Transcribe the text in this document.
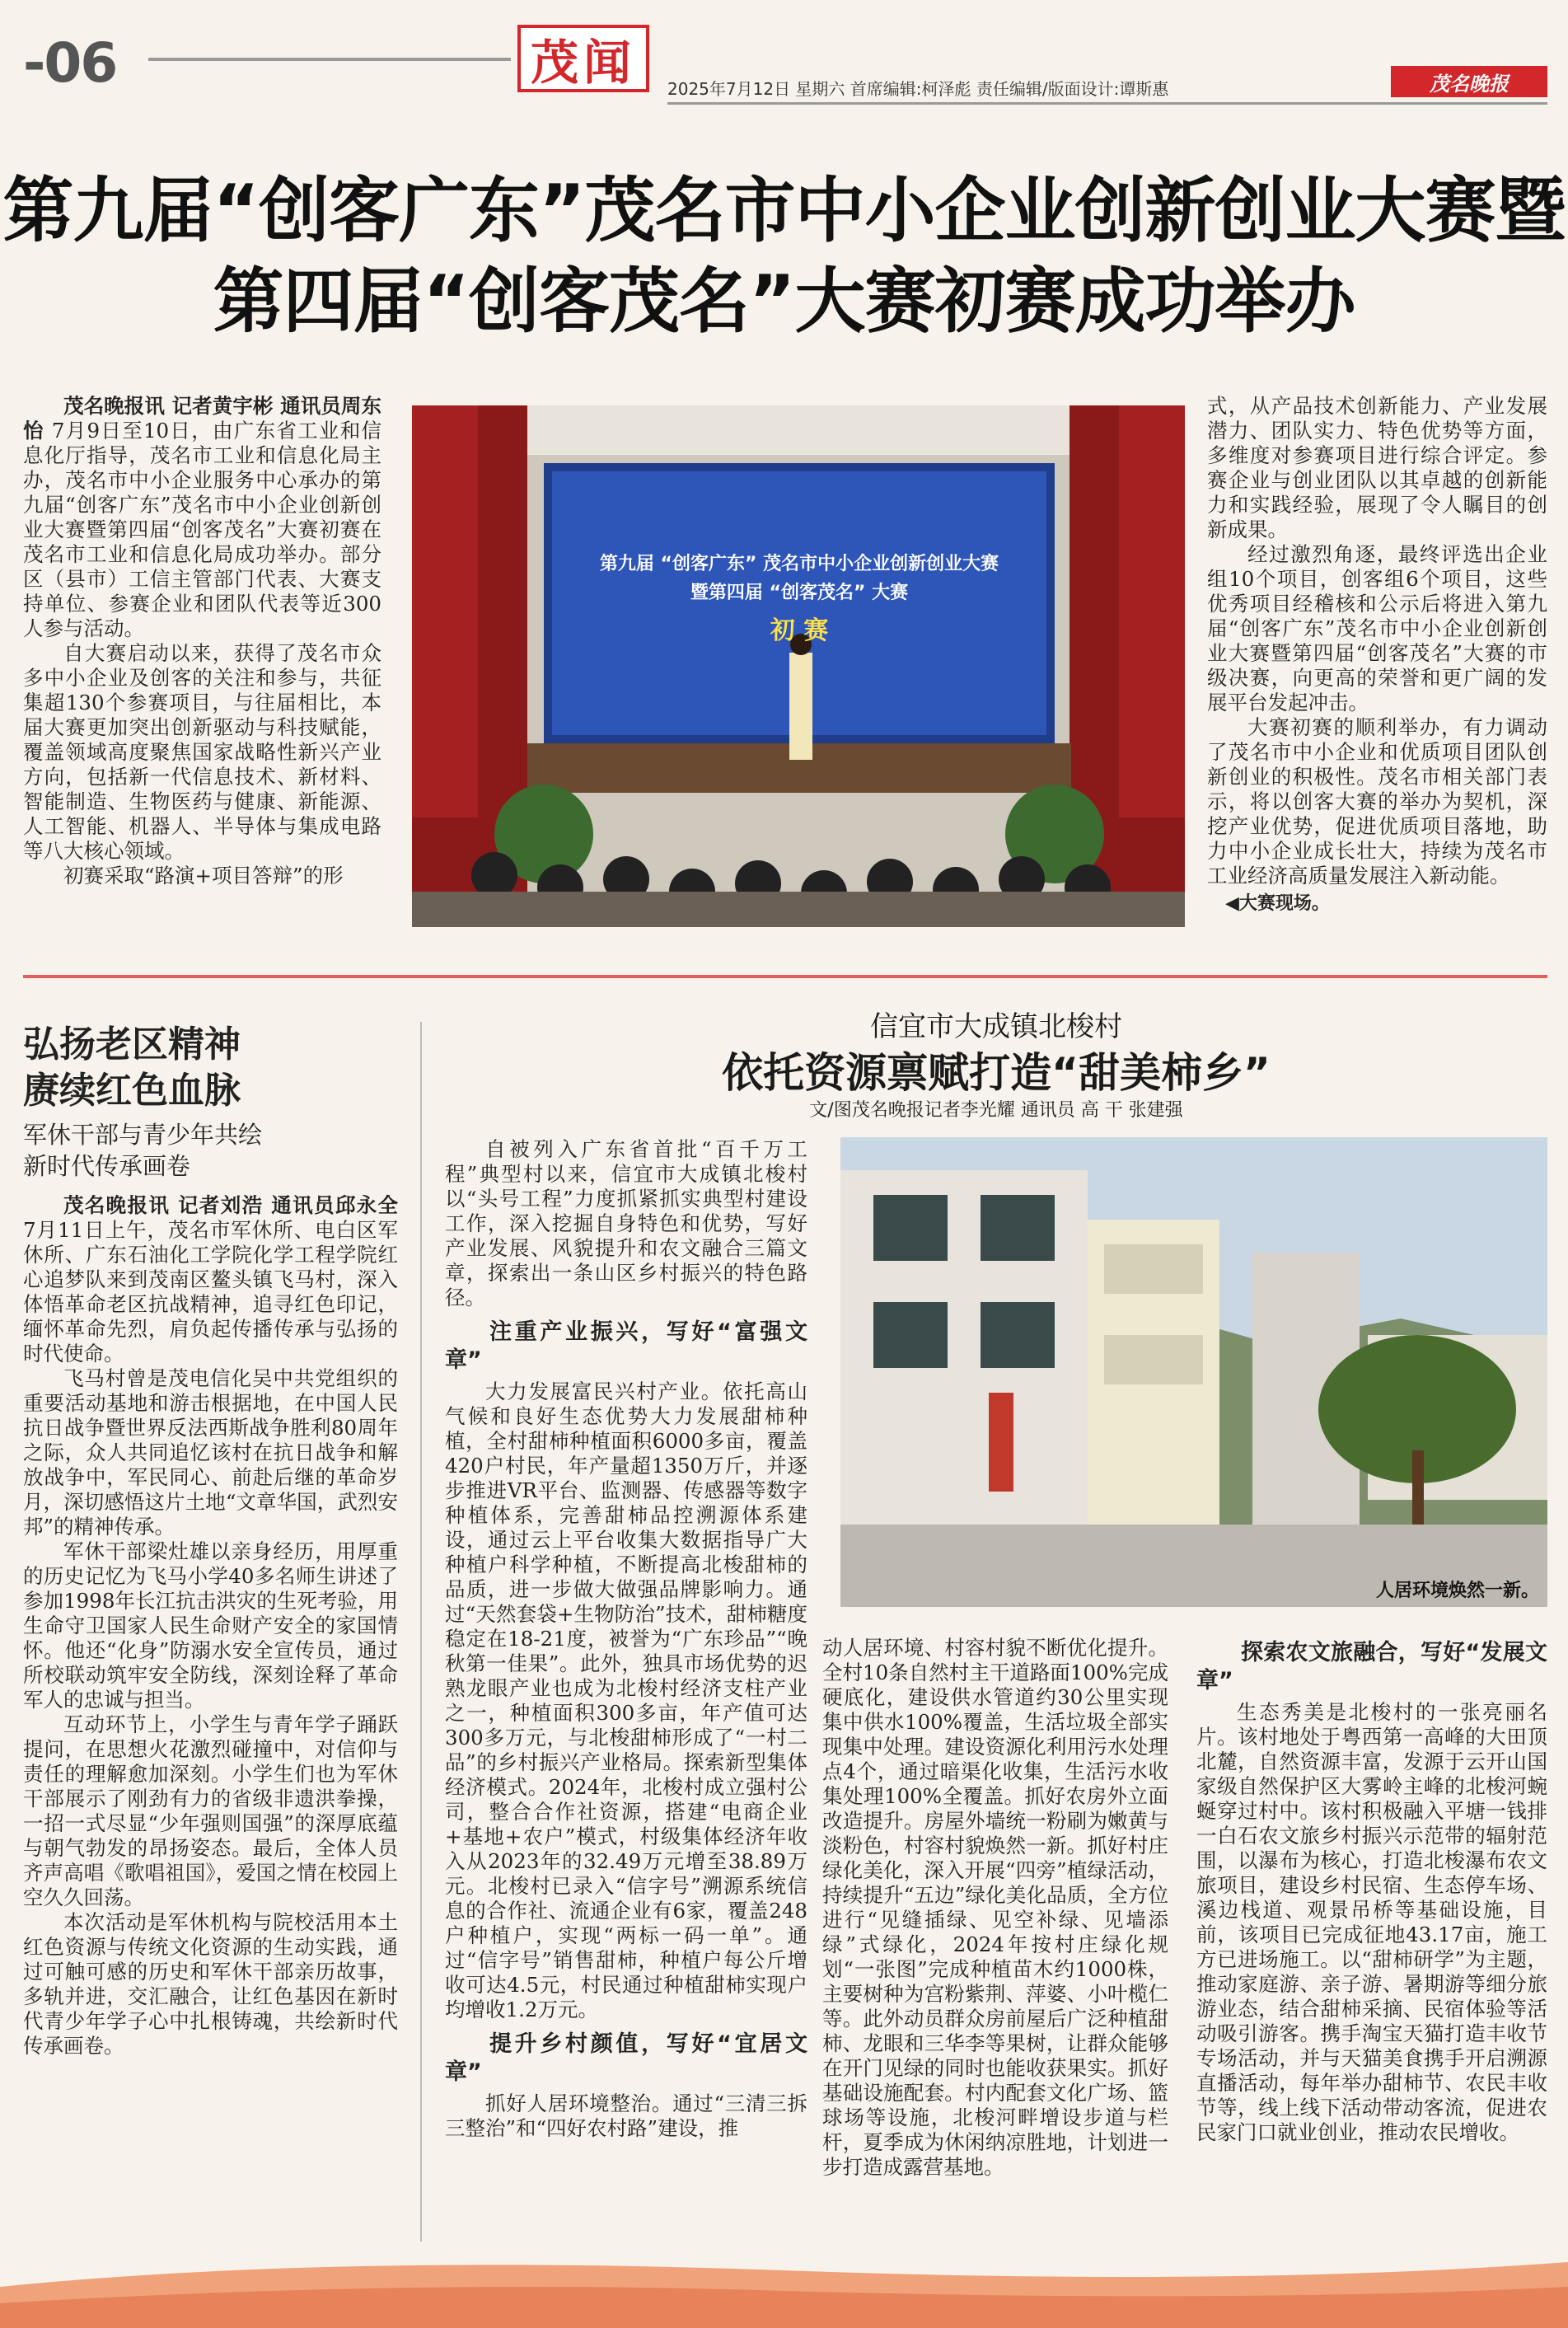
-06	茂闻 2025年7月12日 星期六 首席编辑:柯泽彪 责任编辑/版面设计:谭斯惠	茂名晚报
第九届“创客广东”茂名市中小企业创新创业大赛暨
第四届“创客茂名”大赛初赛成功举办

茂名晚报讯 记者黄宇彬 通讯员周东怡 7月9日至10日，由广东省工业和信息化厅指导，茂名市工业和信息化局主办，茂名市中小企业服务中心承办的第九届“创客广东”茂名市中小企业创新创业大赛暨第四届“创客茂名”大赛初赛在茂名市工业和信息化局成功举办。部分区（县市）工信主管部门代表、大赛支持单位、参赛企业和团队代表等近300人参与活动。

自大赛启动以来，获得了茂名市众多中小企业及创客的关注和参与，共征集超130个参赛项目，与往届相比，本届大赛更加突出创新驱动与科技赋能，覆盖领域高度聚焦国家战略性新兴产业方向，包括新一代信息技术、新材料、智能制造、生物医药与健康、新能源、人工智能、机器人、半导体与集成电路等八大核心领域。

初赛采取“路演+项目答辩”的形

第九届 “创客广东” 茂名市中小企业创新创业大赛
暨第四届 “创客茂名” 大赛
初 赛

式，从产品技术创新能力、产业发展潜力、团队实力、特色优势等方面，多维度对参赛项目进行综合评定。参赛企业与创业团队以其卓越的创新能力和实践经验，展现了令人瞩目的创新成果。

经过激烈角逐，最终评选出企业组10个项目，创客组6个项目，这些优秀项目经稽核和公示后将进入第九届“创客广东”茂名市中小企业创新创业大赛暨第四届“创客茂名”大赛的市级决赛，向更高的荣誉和更广阔的发展平台发起冲击。

大赛初赛的顺利举办，有力调动了茂名市中小企业和优质项目团队创新创业的积极性。茂名市相关部门表示，将以创客大赛的举办为契机，深挖产业优势，促进优质项目落地，助力中小企业成长壮大，持续为茂名市工业经济高质量发展注入新动能。

◀大赛现场。

弘扬老区精神
赓续红色血脉
军休干部与青少年共绘
新时代传承画卷

茂名晚报讯 记者刘浩 通讯员邱永全 7月11日上午，茂名市军休所、电白区军休所、广东石油化工学院化学工程学院红心追梦队来到茂南区鳌头镇飞马村，深入体悟革命老区抗战精神，追寻红色印记，缅怀革命先烈，肩负起传播传承与弘扬的时代使命。

飞马村曾是茂电信化吴中共党组织的重要活动基地和游击根据地，在中国人民抗日战争暨世界反法西斯战争胜利80周年之际，众人共同追忆该村在抗日战争和解放战争中，军民同心、前赴后继的革命岁月，深切感悟这片土地“文章华国，武烈安邦”的精神传承。

军休干部梁灶雄以亲身经历，用厚重的历史记忆为飞马小学40多名师生讲述了参加1998年长江抗击洪灾的生死考验，用生命守卫国家人民生命财产安全的家国情怀。他还“化身”防溺水安全宣传员，通过所校联动筑牢安全防线，深刻诠释了革命军人的忠诚与担当。

互动环节上，小学生与青年学子踊跃提问，在思想火花激烈碰撞中，对信仰与责任的理解愈加深刻。小学生们也为军休干部展示了刚劲有力的省级非遗洪拳操，一招一式尽显“少年强则国强”的深厚底蕴与朝气勃发的昂扬姿态。最后，全体人员齐声高唱《歌唱祖国》，爱国之情在校园上空久久回荡。

本次活动是军休机构与院校活用本土红色资源与传统文化资源的生动实践，通过可触可感的历史和军休干部亲历故事，多轨并进，交汇融合，让红色基因在新时代青少年学子心中扎根铸魂，共绘新时代传承画卷。

信宜市大成镇北梭村
依托资源禀赋打造“甜美柿乡”
文/图茂名晚报记者李光耀 通讯员 高 干 张建强

自被列入广东省首批“百千万工程”典型村以来，信宜市大成镇北梭村以“头号工程”力度抓紧抓实典型村建设工作，深入挖掘自身特色和优势，写好产业发展、风貌提升和农文融合三篇文章，探索出一条山区乡村振兴的特色路径。

注重产业振兴，写好“富强文章”

大力发展富民兴村产业。依托高山气候和良好生态优势大力发展甜柿种植，全村甜柿种植面积6000多亩，覆盖420户村民，年产量超1350万斤，并逐步推进VR平台、监测器、传感器等数字种植体系，完善甜柿品控溯源体系建设，通过云上平台收集大数据指导广大种植户科学种植，不断提高北梭甜柿的品质，进一步做大做强品牌影响力。通过“天然套袋+生物防治”技术，甜柿糖度稳定在18-21度，被誉为“广东珍品”“晚秋第一佳果”。此外，独具市场优势的迟熟龙眼产业也成为北梭村经济支柱产业之一，种植面积300多亩，年产值可达300多万元，与北梭甜柿形成了“一村二品”的乡村振兴产业格局。探索新型集体经济模式。2024年，北梭村成立强村公司，整合合作社资源，搭建“电商企业+基地+农户”模式，村级集体经济年收入从2023年的32.49万元增至38.89万元。北梭村已录入“信字号”溯源系统信息的合作社、流通企业有6家，覆盖248户种植户，实现“两标一码一单”。通过“信字号”销售甜柿，种植户每公斤增收可达4.5元，村民通过种植甜柿实现户均增收1.2万元。

提升乡村颜值，写好“宜居文章”

抓好人居环境整治。通过“三清三拆三整治”和“四好农村路”建设，推

人居环境焕然一新。

动人居环境、村容村貌不断优化提升。全村10条自然村主干道路面100%完成硬底化，建设供水管道约30公里实现集中供水100%覆盖，生活垃圾全部实现集中处理。建设资源化利用污水处理点4个，通过暗渠化收集，生活污水收集处理100%全覆盖。抓好农房外立面改造提升。房屋外墙统一粉刷为嫩黄与淡粉色，村容村貌焕然一新。抓好村庄绿化美化，深入开展“四旁”植绿活动，持续提升“五边”绿化美化品质，全方位进行“见缝插绿、见空补绿、见墙添绿”式绿化，2024年按村庄绿化规划“一张图”完成种植苗木约1000株，主要树种为宫粉紫荆、萍婆、小叶榄仁等。此外动员群众房前屋后广泛种植甜柿、龙眼和三华李等果树，让群众能够在开门见绿的同时也能收获果实。抓好基础设施配套。村内配套文化广场、篮球场等设施，北梭河畔增设步道与栏杆，夏季成为休闲纳凉胜地，计划进一步打造成露营基地。

探索农文旅融合，写好“发展文章”

生态秀美是北梭村的一张亮丽名片。该村地处于粤西第一高峰的大田顶北麓，自然资源丰富，发源于云开山国家级自然保护区大雾岭主峰的北梭河蜿蜒穿过村中。该村积极融入平塘一钱排一白石农文旅乡村振兴示范带的辐射范围，以瀑布为核心，打造北梭瀑布农文旅项目，建设乡村民宿、生态停车场、溪边栈道、观景吊桥等基础设施，目前，该项目已完成征地43.17亩，施工方已进场施工。以“甜柿研学”为主题，推动家庭游、亲子游、暑期游等细分旅游业态，结合甜柿采摘、民宿体验等活动吸引游客。携手淘宝天猫打造丰收节专场活动，并与天猫美食携手开启溯源直播活动，每年举办甜柿节、农民丰收节等，线上线下活动带动客流，促进农民家门口就业创业，推动农民增收。
